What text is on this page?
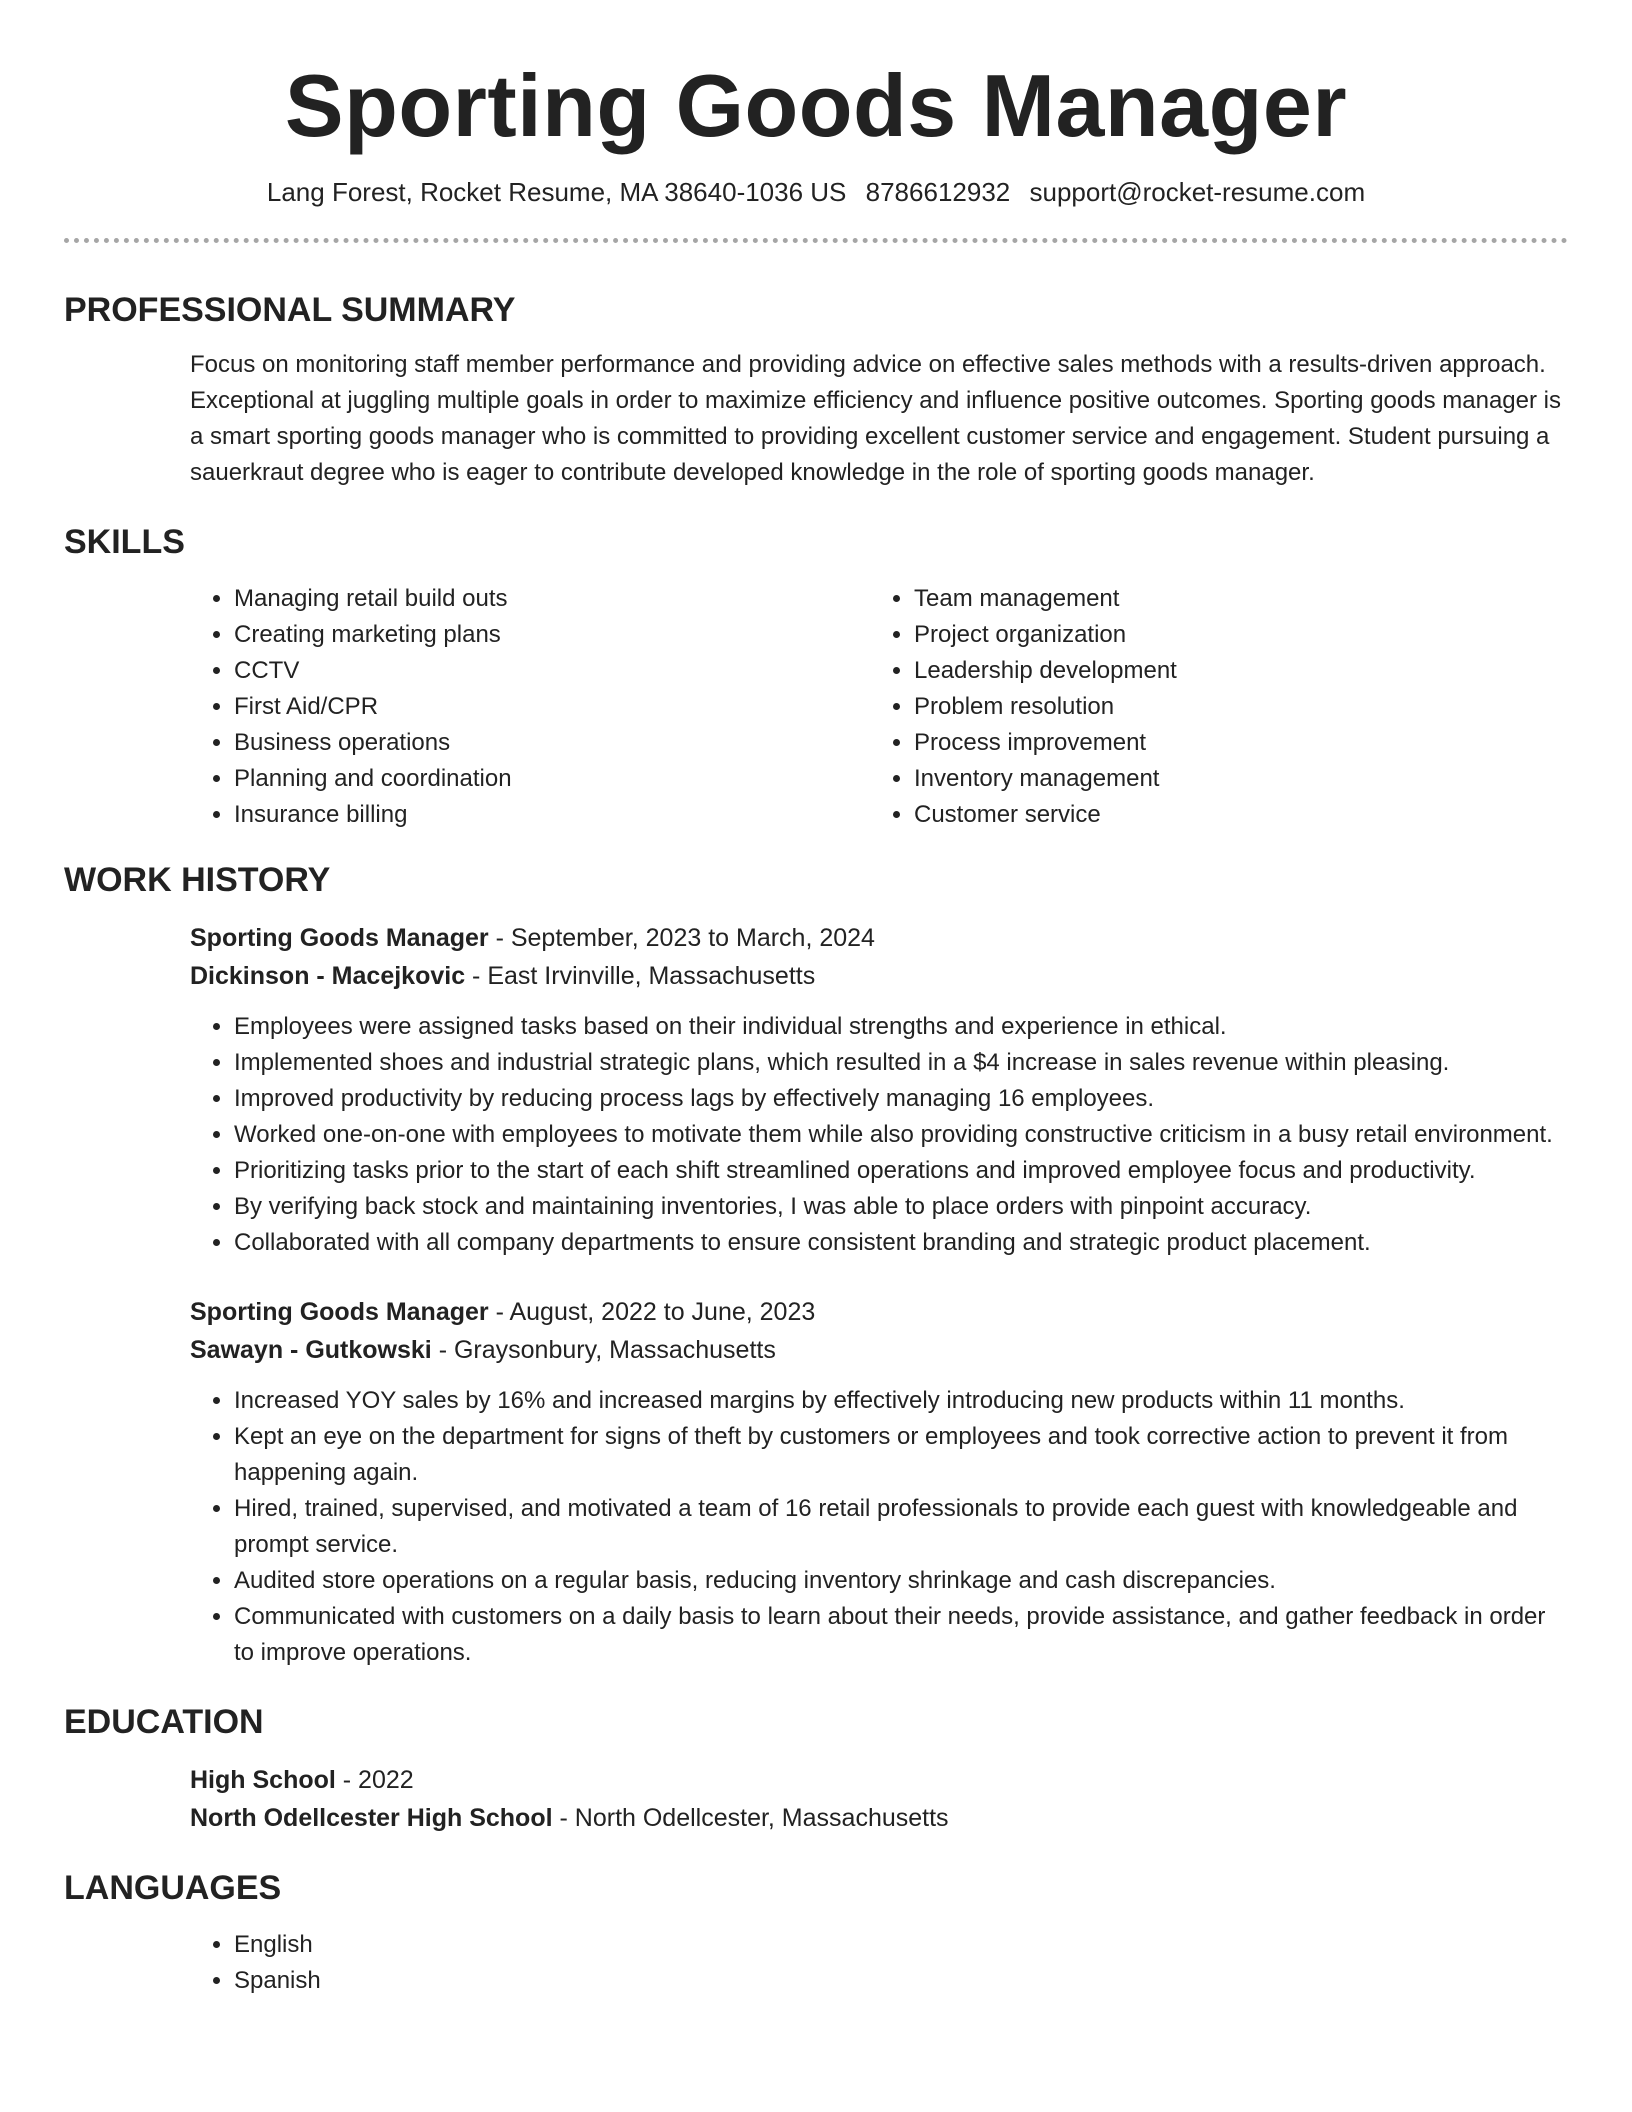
Sporting Goods Manager
Lang Forest, Rocket Resume, MA 38640-1036 US 8786612932 support@rocket-resume.com
PROFESSIONAL SUMMARY
Focus on monitoring staff member performance and providing advice on effective sales methods with a results-driven approach. Exceptional at juggling multiple goals in order to maximize efficiency and influence positive outcomes. Sporting goods manager is a smart sporting goods manager who is committed to providing excellent customer service and engagement. Student pursuing a sauerkraut degree who is eager to contribute developed knowledge in the role of sporting goods manager.
SKILLS
• Managing retail build outs
• Creating marketing plans
• CCTV
• First Aid/CPR
• Business operations
• Planning and coordination
• Insurance billing
• Team management
• Project organization
• Leadership development
• Problem resolution
• Process improvement
• Inventory management
• Customer service
WORK HISTORY
Sporting Goods Manager - September, 2023 to March, 2024
Dickinson - Macejkovic - East Irvinville, Massachusetts
• Employees were assigned tasks based on their individual strengths and experience in ethical.
• Implemented shoes and industrial strategic plans, which resulted in a $4 increase in sales revenue within pleasing.
• Improved productivity by reducing process lags by effectively managing 16 employees.
• Worked one-on-one with employees to motivate them while also providing constructive criticism in a busy retail environment.
• Prioritizing tasks prior to the start of each shift streamlined operations and improved employee focus and productivity.
• By verifying back stock and maintaining inventories, I was able to place orders with pinpoint accuracy.
• Collaborated with all company departments to ensure consistent branding and strategic product placement.
Sporting Goods Manager - August, 2022 to June, 2023
Sawayn - Gutkowski - Graysonbury, Massachusetts
• Increased YOY sales by 16% and increased margins by effectively introducing new products within 11 months.
• Kept an eye on the department for signs of theft by customers or employees and took corrective action to prevent it from happening again.
• Hired, trained, supervised, and motivated a team of 16 retail professionals to provide each guest with knowledgeable and prompt service.
• Audited store operations on a regular basis, reducing inventory shrinkage and cash discrepancies.
• Communicated with customers on a daily basis to learn about their needs, provide assistance, and gather feedback in order to improve operations.
EDUCATION
High School - 2022
North Odellcester High School - North Odellcester, Massachusetts
LANGUAGES
• English
• Spanish
